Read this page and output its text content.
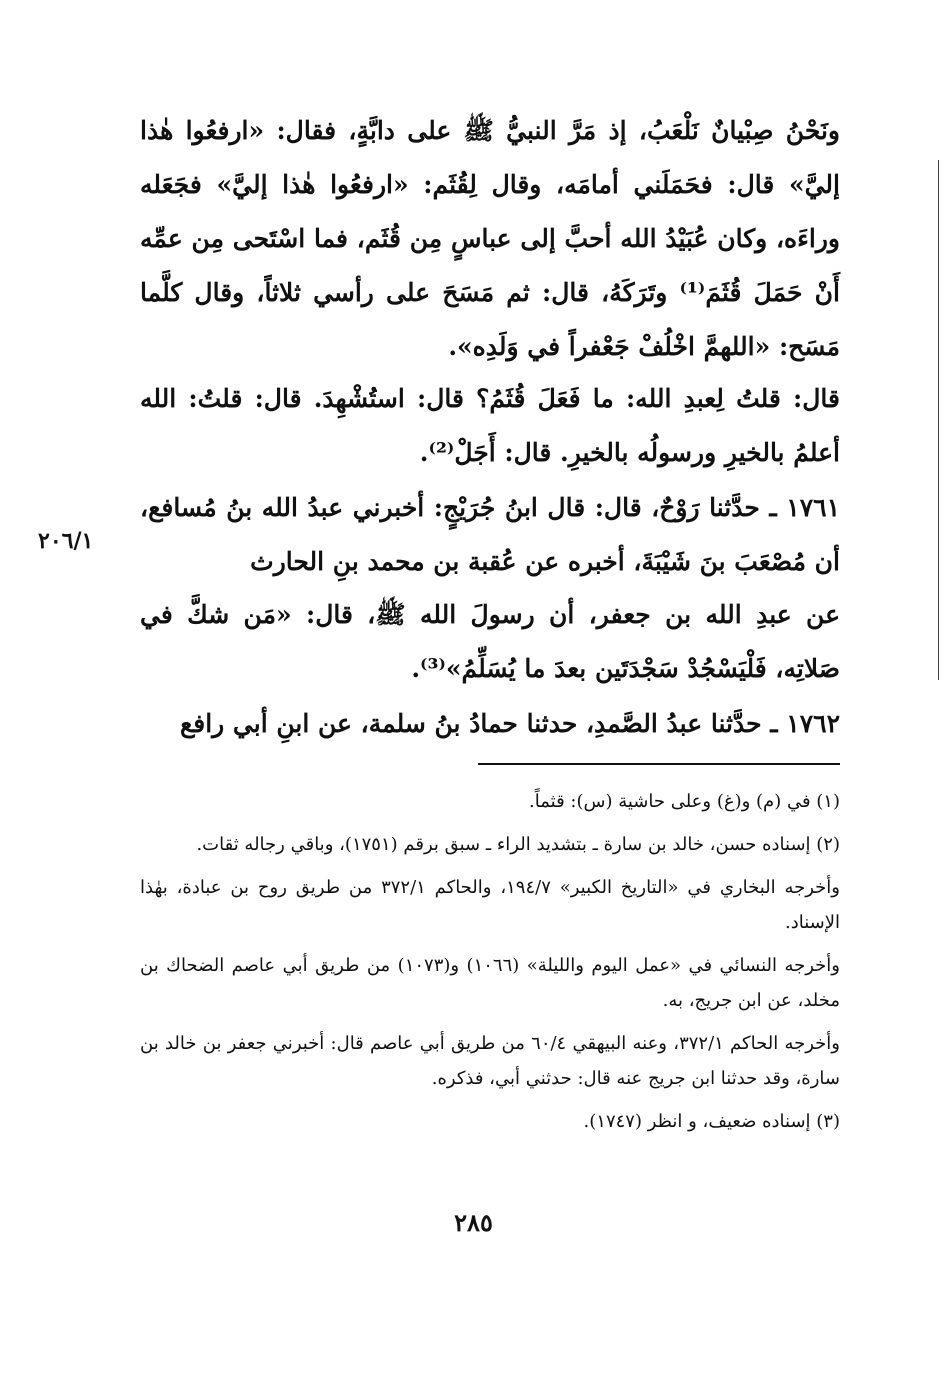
ونَحْنُ صِبْيانٌ نَلْعَبُ، إذ مَرَّ النبيُّ ﷺ على دابَّةٍ، فقال: «ارفعُوا هٰذا إليَّ» قال: فحَمَلَني أمامَه، وقال لِقُثَم: «ارفعُوا هٰذا إليَّ» فجَعَله وراءَه، وكان عُبَيْدُ الله أحبَّ إلى عباسٍ مِن قُثَم، فما اسْتَحى مِن عمِّه أَنْ حَمَلَ قُثَمَ⁽¹⁾ وتَرَكَهُ، قال: ثم مَسَحَ على رأسي ثلاثاً، وقال كلَّما مَسَح: «اللهمَّ اخْلُفْ جَعْفراً في وَلَدِه».

قال: قلتُ لِعبدِ الله: ما فَعَلَ قُثَمُ؟ قال: استُشْهِدَ. قال: قلتُ: الله أعلمُ بالخيرِ ورسولُه بالخيرِ. قال: أَجَلْ⁽²⁾.

١٧٦١ ـ حدَّثنا رَوْحٌ، قال: قال ابنُ جُرَيْجٍ: أخبرني عبدُ الله بنُ مُسافع، أن مُصْعَبَ بنَ شَيْبَةَ، أخبره عن عُقبة بن محمد بنِ الحارث

٢٠٦/١

عن عبدِ الله بن جعفر، أن رسولَ الله ﷺ، قال: «مَن شكَّ في صَلاتِه، فَلْيَسْجُدْ سَجْدَتَين بعدَ ما يُسَلِّمُ»⁽³⁾.

١٧٦٢ ـ حدَّثنا عبدُ الصَّمدِ، حدثنا حمادُ بنُ سلمة، عن ابنِ أبي رافع

(١) في (م) و(غ) وعلى حاشية (س): قثماً.

(٢) إسناده حسن، خالد بن سارة ـ بتشديد الراء ـ سبق برقم (١٧٥١)، وباقي رجاله ثقات.

وأخرجه البخاري في «التاريخ الكبير» ١٩٤/٧، والحاكم ٣٧٢/١ من طريق روح بن عبادة، بهٰذا الإسناد.

وأخرجه النسائي في «عمل اليوم والليلة» (١٠٦٦) و(١٠٧٣) من طريق أبي عاصم الضحاك بن مخلد، عن ابن جريج، به.

وأخرجه الحاكم ٣٧٢/١، وعنه البيهقي ٦٠/٤ من طريق أبي عاصم قال: أخبرني جعفر بن خالد بن سارة، وقد حدثنا ابن جريج عنه قال: حدثني أبي، فذكره.

(٣) إسناده ضعيف، و انظر (١٧٤٧).

٢٨٥
